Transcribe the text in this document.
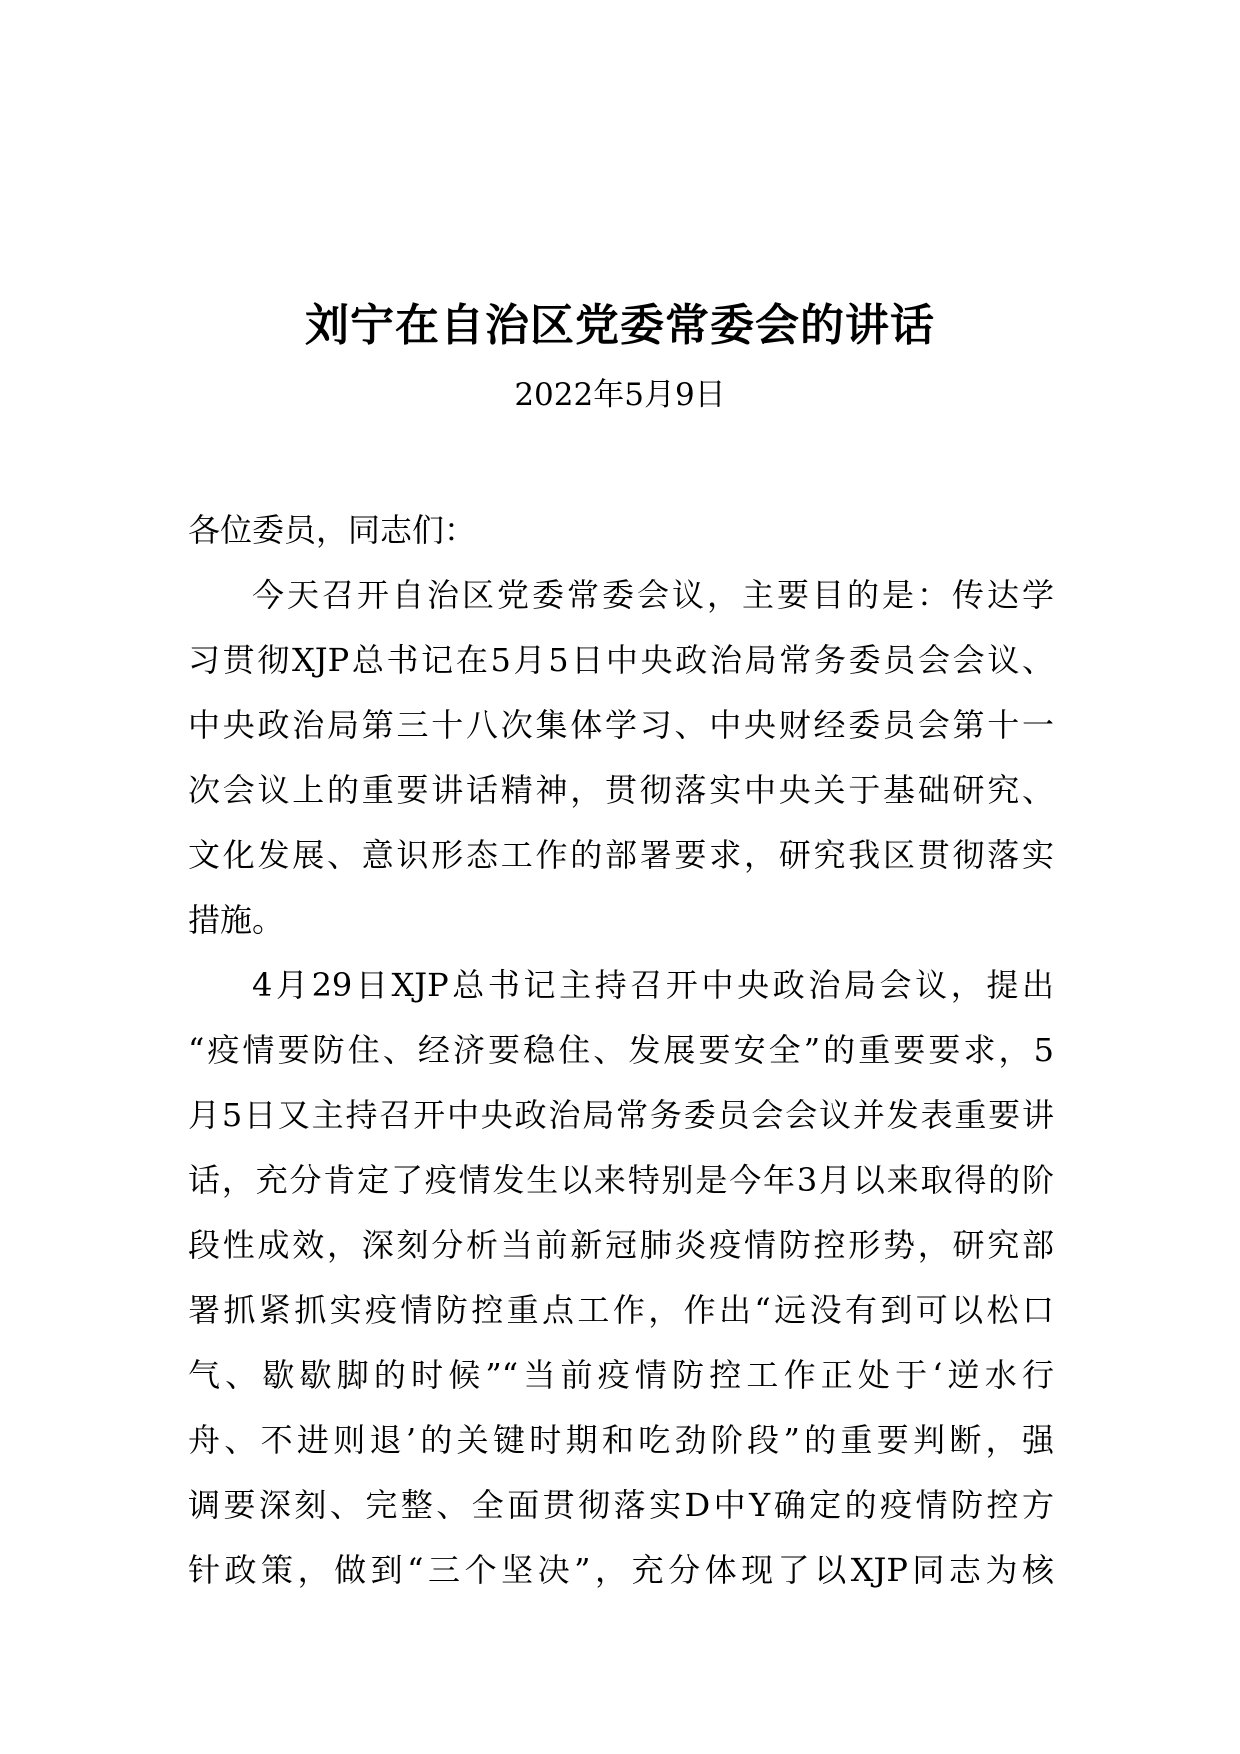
刘宁在自治区党委常委会的讲话
2022年5月9日
各位委员，同志们：
今天召开自治区党委常委会议，主要目的是：传达学
习贯彻XJP总书记在5月5日中央政治局常务委员会会议、
中央政治局第三十八次集体学习、中央财经委员会第十一
次会议上的重要讲话精神，贯彻落实中央关于基础研究、
文化发展、意识形态工作的部署要求，研究我区贯彻落实
措施。
4月29日XJP总书记主持召开中央政治局会议，提出
“疫情要防住、经济要稳住、发展要安全”的重要要求，5
月5日又主持召开中央政治局常务委员会会议并发表重要讲
话，充分肯定了疫情发生以来特别是今年3月以来取得的阶
段性成效，深刻分析当前新冠肺炎疫情防控形势，研究部
署抓紧抓实疫情防控重点工作，作出“远没有到可以松口
气、歇歇脚的时候”“当前疫情防控工作正处于‘逆水行
舟、不进则退’的关键时期和吃劲阶段”的重要判断，强
调要深刻、完整、全面贯彻落实D中Y确定的疫情防控方
针政策，做到“三个坚决”，充分体现了以XJP同志为核
